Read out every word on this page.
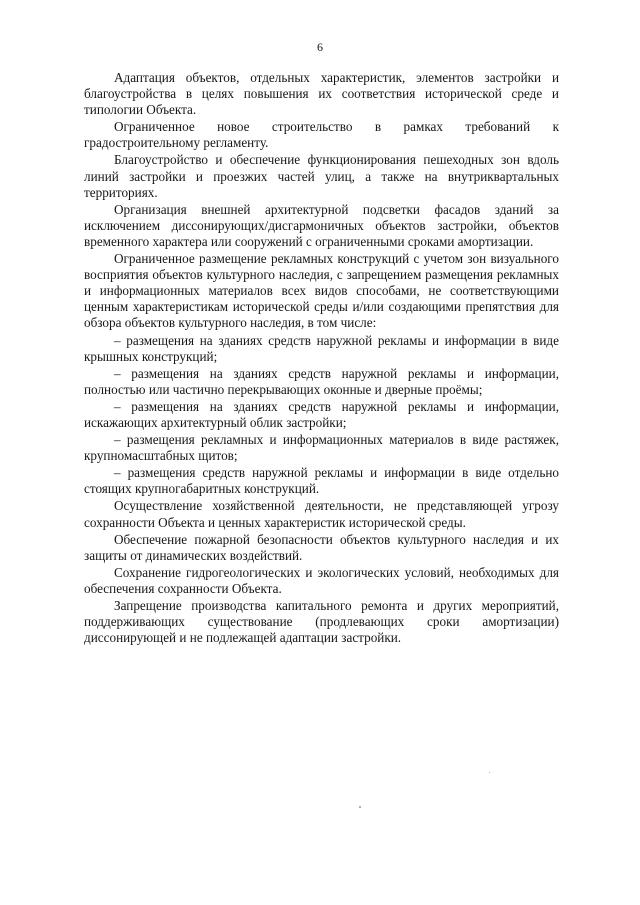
6

Адаптация объектов, отдельных характеристик, элементов застройки и благоустройства в целях повышения их соответствия исторической среде и типологии Объекта.

Ограниченное новое строительство в рамках требований к градостроительному регламенту.

Благоустройство и обеспечение функционирования пешеходных зон вдоль линий застройки и проезжих частей улиц, а также на внутриквартальных территориях.

Организация внешней архитектурной подсветки фасадов зданий за исключением диссонирующих/дисгармоничных объектов застройки, объектов временного характера или сооружений с ограниченными сроками амортизации.

Ограниченное размещение рекламных конструкций с учетом зон визуального восприятия объектов культурного наследия, с запрещением размещения рекламных и информационных материалов всех видов способами, не соответствующими ценным характеристикам исторической среды и/или создающими препятствия для обзора объектов культурного наследия, в том числе:

– размещения на зданиях средств наружной рекламы и информации в виде крышных конструкций;

– размещения на зданиях средств наружной рекламы и информации, полностью или частично перекрывающих оконные и дверные проёмы;

– размещения на зданиях средств наружной рекламы и информации, искажающих архитектурный облик застройки;

– размещения рекламных и информационных материалов в виде растяжек, крупномасштабных щитов;

– размещения средств наружной рекламы и информации в виде отдельно стоящих крупногабаритных конструкций.

Осуществление хозяйственной деятельности, не представляющей угрозу сохранности Объекта и ценных характеристик исторической среды.

Обеспечение пожарной безопасности объектов культурного наследия и их защиты от динамических воздействий.

Сохранение гидрогеологических и экологических условий, необходимых для обеспечения сохранности Объекта.

Запрещение производства капитального ремонта и других мероприятий, поддерживающих существование (продлевающих сроки амортизации) диссонирующей и не подлежащей адаптации застройки.
